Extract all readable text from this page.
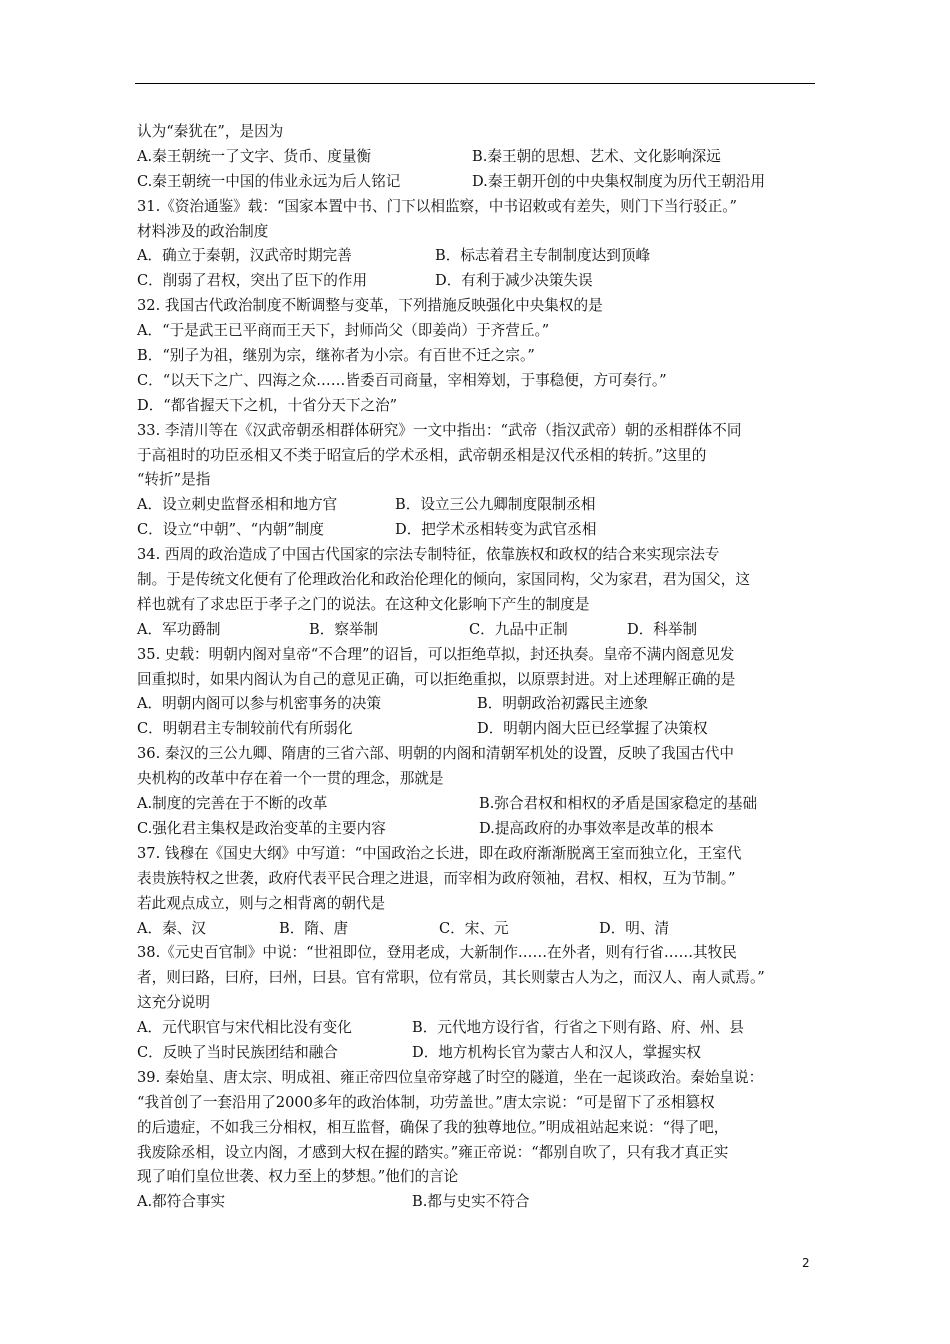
认为“秦犹在”，是因为
A.秦王朝统一了文字、货币、度量衡	B.秦王朝的思想、艺术、文化影响深远
C.秦王朝统一中国的伟业永远为后人铭记	D.秦王朝开创的中央集权制度为历代王朝沿用
31.《资治通鉴》载：“国家本置中书、门下以相监察，中书诏敕或有差失，则门下当行驳正。”
材料涉及的政治制度
A．确立于秦朝，汉武帝时期完善	B．标志着君主专制制度达到顶峰
C．削弱了君权，突出了臣下的作用	D．有利于减少决策失误
32. 我国古代政治制度不断调整与变革，下列措施反映强化中央集权的是
A．“于是武王已平商而王天下，封师尚父（即姜尚）于齐营丘。”
B．“别子为祖，继别为宗，继祢者为小宗。有百世不迁之宗。”
C．“以天下之广、四海之众……皆委百司商量，宰相筹划，于事稳便，方可奏行。”
D．“都省握天下之机，十省分天下之治”
33. 李清川等在《汉武帝朝丞相群体研究》一文中指出：“武帝（指汉武帝）朝的丞相群体不同
于高祖时的功臣丞相又不类于昭宣后的学术丞相，武帝朝丞相是汉代丞相的转折。”这里的
“转折”是指
A．设立刺史监督丞相和地方官	B．设立三公九卿制度限制丞相
C．设立“中朝”、“内朝”制度	D．把学术丞相转变为武官丞相
34. 西周的政治造成了中国古代国家的宗法专制特征，依靠族权和政权的结合来实现宗法专
制。于是传统文化便有了伦理政治化和政治伦理化的倾向，家国同构，父为家君，君为国父，这
样也就有了求忠臣于孝子之门的说法。在这种文化影响下产生的制度是
A．军功爵制	B．察举制	C．九品中正制	D．科举制
35. 史载：明朝内阁对皇帝“不合理”的诏旨，可以拒绝草拟，封还执奏。皇帝不满内阁意见发
回重拟时，如果内阁认为自己的意见正确，可以拒绝重拟，以原票封进。对上述理解正确的是
A．明朝内阁可以参与机密事务的决策	B．明朝政治初露民主迹象
C．明朝君主专制较前代有所弱化	D．明朝内阁大臣已经掌握了决策权
36. 秦汉的三公九卿、隋唐的三省六部、明朝的内阁和清朝军机处的设置，反映了我国古代中
央机构的改革中存在着一个一贯的理念，那就是
A.制度的完善在于不断的改革	B.弥合君权和相权的矛盾是国家稳定的基础
C.强化君主集权是政治变革的主要内容	D.提高政府的办事效率是改革的根本
37. 钱穆在《国史大纲》中写道：“中国政治之长进，即在政府渐渐脱离王室而独立化，王室代
表贵族特权之世袭，政府代表平民合理之进退，而宰相为政府领袖，君权、相权，互为节制。”
若此观点成立，则与之相背离的朝代是
A．秦、汉	B．隋、唐	C．宋、元	D．明、清
38.《元史百官制》中说：“世祖即位，登用老成，大新制作……在外者，则有行省……其牧民
者，则曰路，曰府，曰州，曰县。官有常职，位有常员，其长则蒙古人为之，而汉人、南人贰焉。”
这充分说明
A．元代职官与宋代相比没有变化	B．元代地方设行省，行省之下则有路、府、州、县
C．反映了当时民族团结和融合	D．地方机构长官为蒙古人和汉人，掌握实权
39. 秦始皇、唐太宗、明成祖、雍正帝四位皇帝穿越了时空的隧道，坐在一起谈政治。秦始皇说：
“我首创了一套沿用了2000多年的政治体制，功劳盖世。”唐太宗说：“可是留下了丞相篡权
的后遗症，不如我三分相权，相互监督，确保了我的独尊地位。”明成祖站起来说：“得了吧，
我废除丞相，设立内阁，才感到大权在握的踏实。”雍正帝说：“都别自吹了，只有我才真正实
现了咱们皇位世袭、权力至上的梦想。”他们的言论
A.都符合事实	B.都与史实不符合
2
